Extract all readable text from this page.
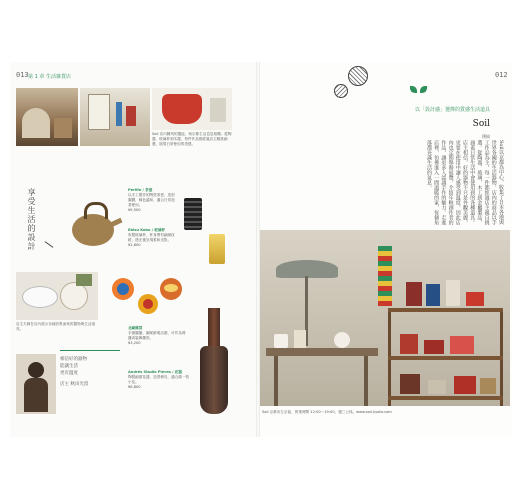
013 第 1 章 生活雜貨店
Soil 店內陳列的器皿，與京都生活息息相關。從陶器、玻璃杯到木器，每件作品都經過店主精挑細選，展現日常使用的美感。
享受生活的設計	Perlife / 茶壺
以手工製作的陶瓷茶壺，造型圓潤，釉色溫和，適合日常泡茶使用。
¥9,500
Ebisu Kobo / 玻璃杯
吹製玻璃杯，杯身帶有細緻紋路，透光後呈現柔和光影。
¥2,800
店主夫婦在店內展示各地收集而來的器物與生活道具。	北歐雜貨
手繪圓盤，圖案鮮明活潑，可作為餐盤或裝飾擺設。
¥3,200
Andrés Studio Pieces / 花器
陶製細頸花器，造型修長，適合插一枝小花。
¥6,800
相信好的器物
能讓生活
更有溫度
店主 秋田光留
012
以「設計感」選擇的質感生活道具
Soil
撰稿
Soil以京都為中心，收集了日本各地與世界各國的生活器物。店內的商品以手工作品為主，每一件都經過店主親自挑選。從陶器、玻璃、木工到金屬製品，涵蓋日常生活中會使用到的各種道具。店主相信，好的器物不只是外觀美麗，更要在使用中讓人感受到溫度。因此店內也定期舉辦展覽，介紹年輕創作者的作品，讓更多人認識手作的魅力。走進店裡，彷彿進入一間溫暖的家，每個角落都充滿生活的氣息。
Soil 京都市左京區，營業時間 12:00～19:00，週三公休。www.soil-kyoto.com
